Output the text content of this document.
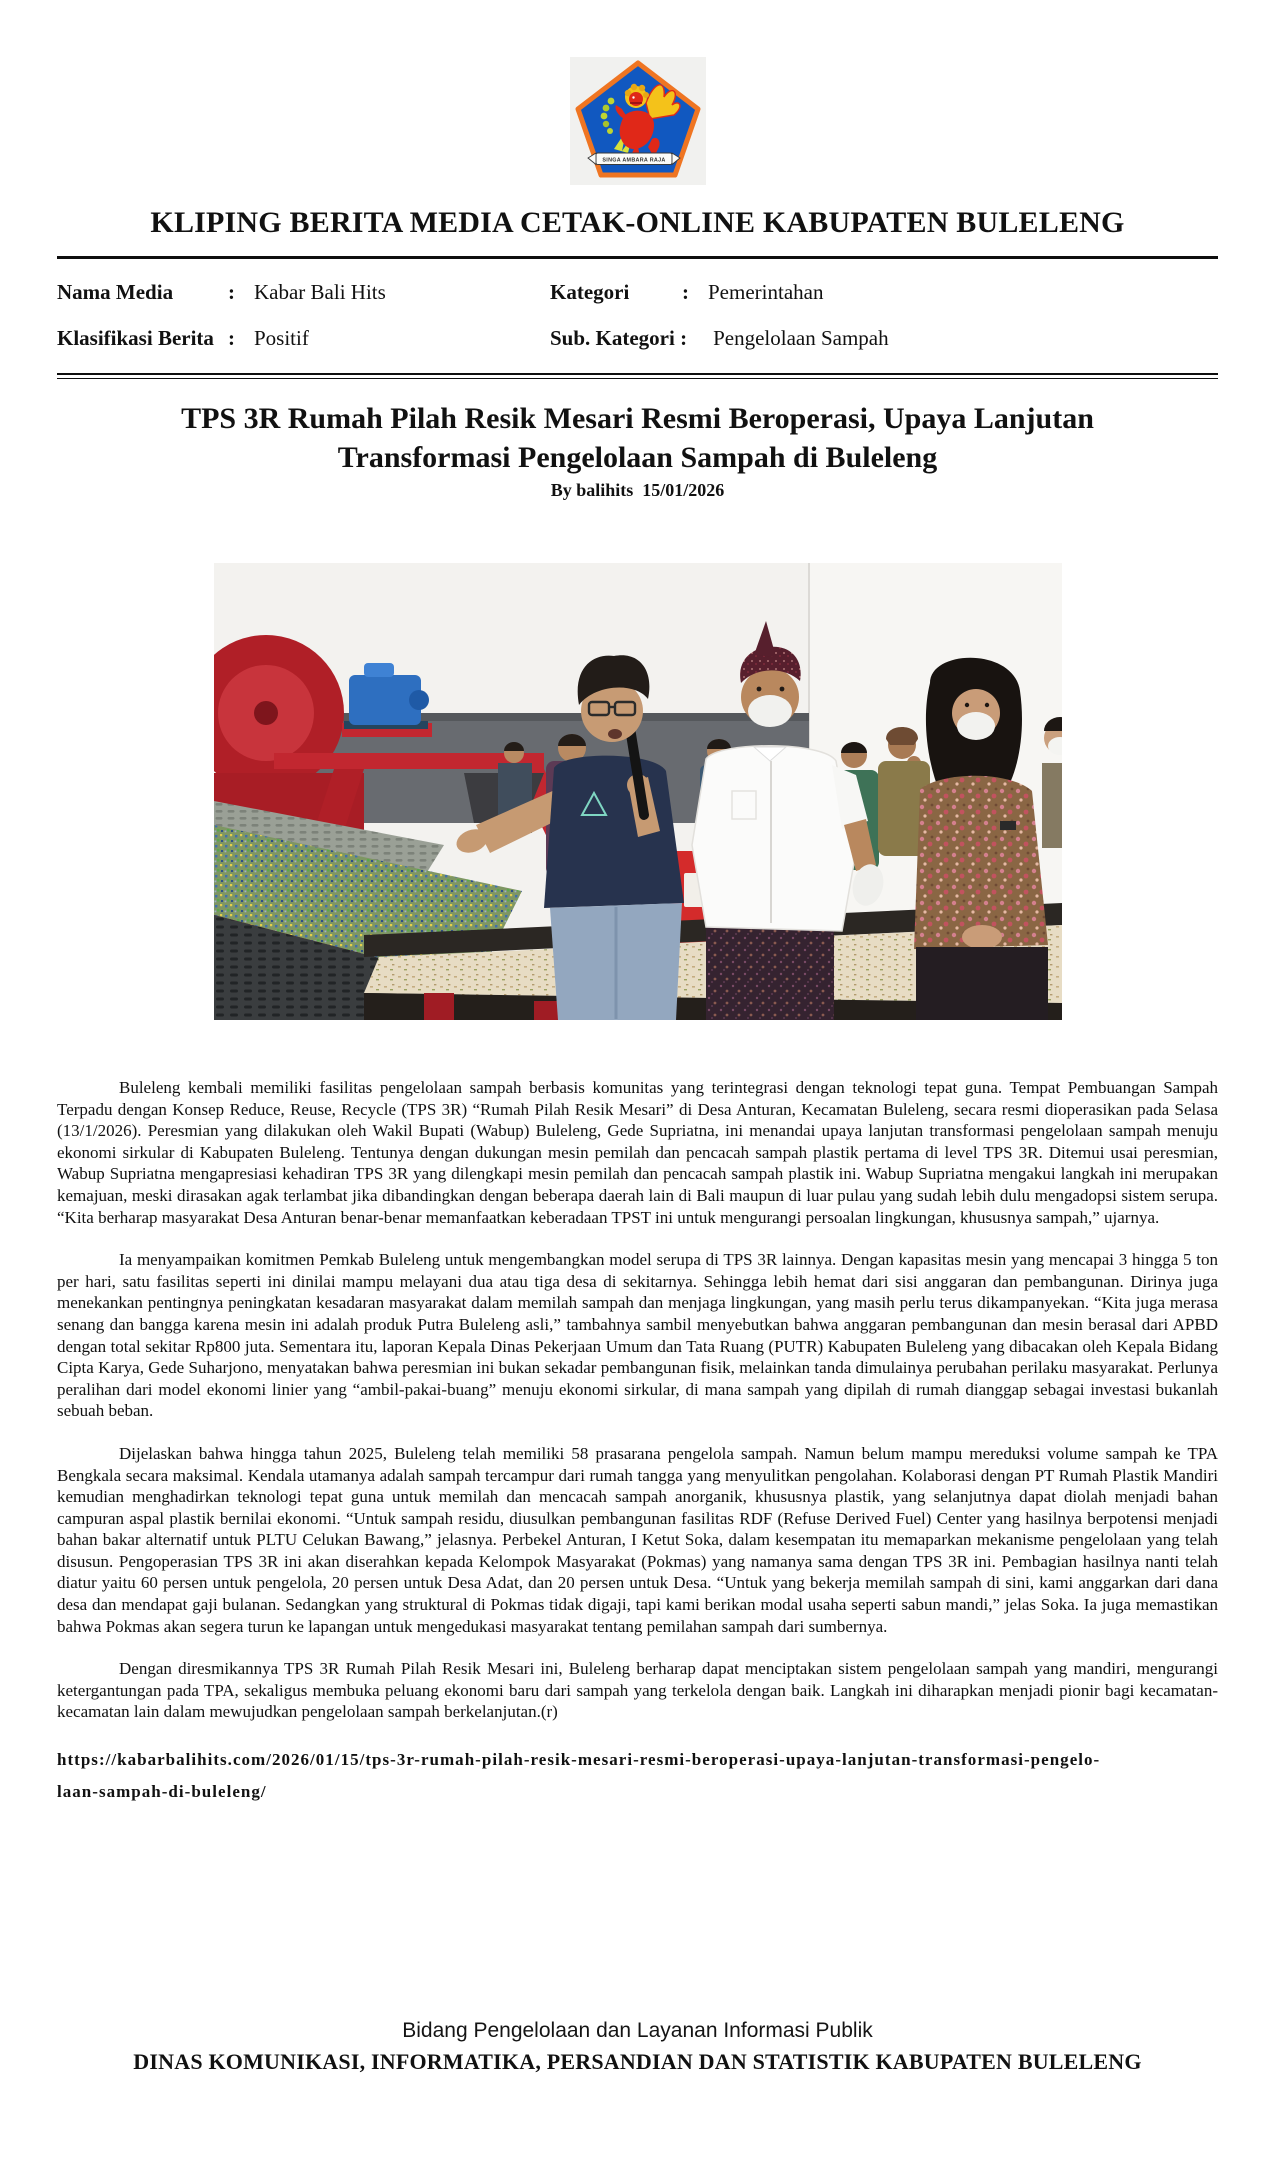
SINGA AMBARA RAJA
KLIPING BERITA MEDIA CETAK-ONLINE KABUPATEN BULELENG
Nama Media	: Kabar Bali Hits	Kategori	: Pemerintahan
Klasifikasi Berita : Positif	Sub. Kategori : Pengelolaan Sampah
TPS 3R Rumah Pilah Resik Mesari Resmi Beroperasi, Upaya Lanjutan
Transformasi Pengelolaan Sampah di Buleleng
By balihits  15/01/2026

Buleleng kembali memiliki fasilitas pengelolaan sampah berbasis komunitas yang terintegrasi dengan teknologi tepat guna. Tempat Pembuangan Sampah Terpadu dengan Konsep Reduce, Reuse, Recycle (TPS 3R) “Rumah Pilah Resik Mesari” di Desa Anturan, Kecamatan Buleleng, secara resmi dioperasikan pada Selasa (13/1/2026). Peresmian yang dilakukan oleh Wakil Bupati (Wabup) Buleleng, Gede Supriatna, ini menandai upaya lanjutan transformasi pengelolaan sampah menuju ekonomi sirkular di Kabupaten Buleleng. Tentunya dengan dukungan mesin pemilah dan pencacah sampah plastik pertama di level TPS 3R. Ditemui usai peresmian, Wabup Supriatna mengapresiasi kehadiran TPS 3R yang dilengkapi mesin pemilah dan pencacah sampah plastik ini. Wabup Supriatna mengakui langkah ini merupakan kemajuan, meski dirasakan agak terlambat jika dibandingkan dengan beberapa daerah lain di Bali maupun di luar pulau yang sudah lebih dulu mengadopsi sistem serupa. “Kita berharap masyarakat Desa Anturan benar-benar memanfaatkan keberadaan TPST ini untuk mengurangi persoalan lingkungan, khususnya sampah,” ujarnya.

Ia menyampaikan komitmen Pemkab Buleleng untuk mengembangkan model serupa di TPS 3R lainnya. Dengan kapasitas mesin yang mencapai 3 hingga 5 ton per hari, satu fasilitas seperti ini dinilai mampu melayani dua atau tiga desa di sekitarnya. Sehingga lebih hemat dari sisi anggaran dan pembangunan. Dirinya juga menekankan pentingnya peningkatan kesadaran masyarakat dalam memilah sampah dan menjaga lingkungan, yang masih perlu terus dikampanyekan. “Kita juga merasa senang dan bangga karena mesin ini adalah produk Putra Buleleng asli,” tambahnya sambil menyebutkan bahwa anggaran pembangunan dan mesin berasal dari APBD dengan total sekitar Rp800 juta. Sementara itu, laporan Kepala Dinas Pekerjaan Umum dan Tata Ruang (PUTR) Kabupaten Buleleng yang dibacakan oleh Kepala Bidang Cipta Karya, Gede Suharjono, menyatakan bahwa peresmian ini bukan sekadar pembangunan fisik, melainkan tanda dimulainya perubahan perilaku masyarakat. Perlunya peralihan dari model ekonomi linier yang “ambil-pakai-buang” menuju ekonomi sirkular, di mana sampah yang dipilah di rumah dianggap sebagai investasi bukanlah sebuah beban.

Dijelaskan bahwa hingga tahun 2025, Buleleng telah memiliki 58 prasarana pengelola sampah. Namun belum mampu mereduksi volume sampah ke TPA Bengkala secara maksimal. Kendala utamanya adalah sampah tercampur dari rumah tangga yang menyulitkan pengolahan. Kolaborasi dengan PT Rumah Plastik Mandiri kemudian menghadirkan teknologi tepat guna untuk memilah dan mencacah sampah anorganik, khususnya plastik, yang selanjutnya dapat diolah menjadi bahan campuran aspal plastik bernilai ekonomi. “Untuk sampah residu, diusulkan pembangunan fasilitas RDF (Refuse Derived Fuel) Center yang hasilnya berpotensi menjadi bahan bakar alternatif untuk PLTU Celukan Bawang,” jelasnya. Perbekel Anturan, I Ketut Soka, dalam kesempatan itu memaparkan mekanisme pengelolaan yang telah disusun. Pengoperasian TPS 3R ini akan diserahkan kepada Kelompok Masyarakat (Pokmas) yang namanya sama dengan TPS 3R ini. Pembagian hasilnya nanti telah diatur yaitu 60 persen untuk pengelola, 20 persen untuk Desa Adat, dan 20 persen untuk Desa. “Untuk yang bekerja memilah sampah di sini, kami anggarkan dari dana desa dan mendapat gaji bulanan. Sedangkan yang struktural di Pokmas tidak digaji, tapi kami berikan modal usaha seperti sabun mandi,” jelas Soka. Ia juga memastikan bahwa Pokmas akan segera turun ke lapangan untuk mengedukasi masyarakat tentang pemilahan sampah dari sumbernya.

Dengan diresmikannya TPS 3R Rumah Pilah Resik Mesari ini, Buleleng berharap dapat menciptakan sistem pengelolaan sampah yang mandiri, mengurangi ketergantungan pada TPA, sekaligus membuka peluang ekonomi baru dari sampah yang terkelola dengan baik. Langkah ini diharapkan menjadi pionir bagi kecamatan-kecamatan lain dalam mewujudkan pengelolaan sampah berkelanjutan.(r)

https://kabarbalihits.com/2026/01/15/tps-3r-rumah-pilah-resik-mesari-resmi-beroperasi-upaya-lanjutan-transformasi-pengelo-
laan-sampah-di-buleleng/
Bidang Pengelolaan dan Layanan Informasi Publik
DINAS KOMUNIKASI, INFORMATIKA, PERSANDIAN DAN STATISTIK KABUPATEN BULELENG
